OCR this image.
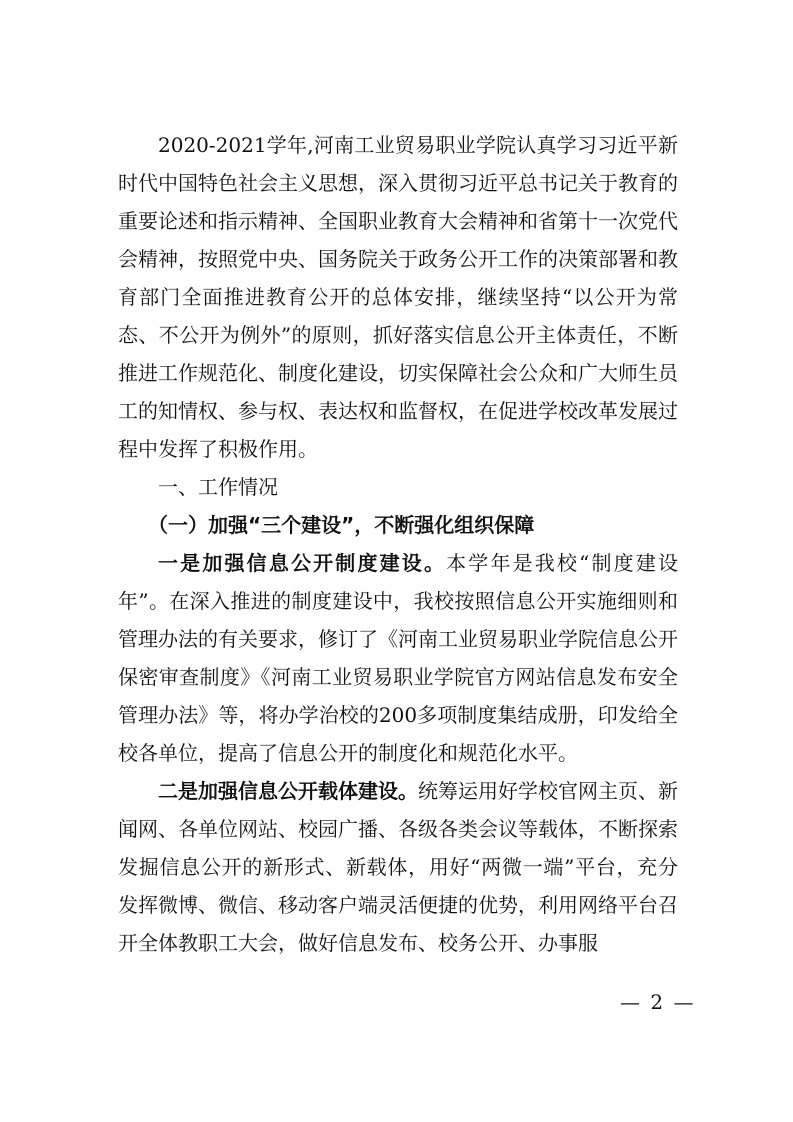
2020-2021学年,河南工业贸易职业学院认真学习习近平新时代中国特色社会主义思想，深入贯彻习近平总书记关于教育的重要论述和指示精神、全国职业教育大会精神和省第十一次党代会精神，按照党中央、国务院关于政务公开工作的决策部署和教育部门全面推进教育公开的总体安排，继续坚持“以公开为常态、不公开为例外”的原则，抓好落实信息公开主体责任，不断推进工作规范化、制度化建设，切实保障社会公众和广大师生员工的知情权、参与权、表达权和监督权，在促进学校改革发展过程中发挥了积极作用。

一、工作情况

（一）加强“三个建设”，不断强化组织保障

一是加强信息公开制度建设。本学年是我校“制度建设年”。在深入推进的制度建设中，我校按照信息公开实施细则和管理办法的有关要求，修订了《河南工业贸易职业学院信息公开保密审查制度》《河南工业贸易职业学院官方网站信息发布安全管理办法》等，将办学治校的200多项制度集结成册，印发给全校各单位，提高了信息公开的制度化和规范化水平。

二是加强信息公开载体建设。统筹运用好学校官网主页、新闻网、各单位网站、校园广播、各级各类会议等载体，不断探索发掘信息公开的新形式、新载体，用好“两微一端”平台，充分发挥微博、微信、移动客户端灵活便捷的优势，利用网络平台召开全体教职工大会，做好信息发布、校务公开、办事服

— 2 —
